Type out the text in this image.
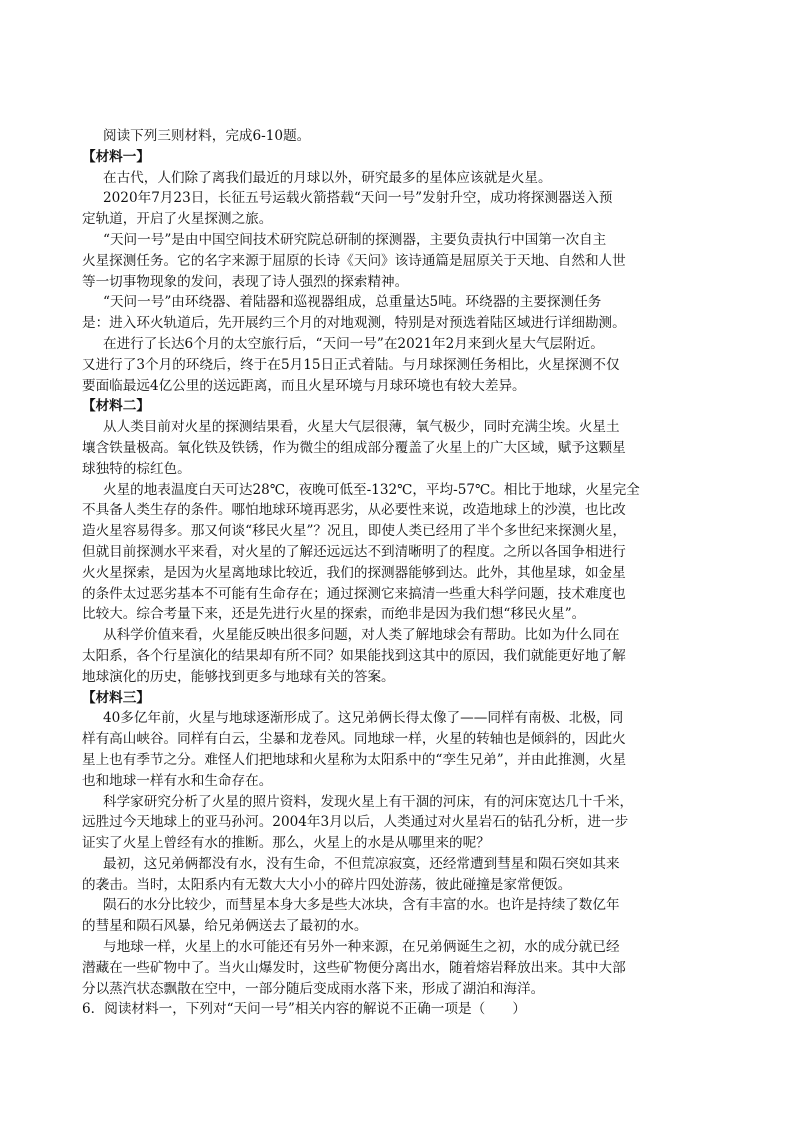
阅读下列三则材料，完成6-10题。
【材料一】
在古代，人们除了离我们最近的月球以外，研究最多的星体应该就是火星。
2020年7月23日，长征五号运载火箭搭载“天问一号”发射升空，成功将探测器送入预
定轨道，开启了火星探测之旅。
“天问一号”是由中国空间技术研究院总研制的探测器，主要负责执行中国第一次自主
火星探测任务。它的名字来源于屈原的长诗《天问》该诗通篇是屈原关于天地、自然和人世
等一切事物现象的发问，表现了诗人强烈的探索精神。
“天问一号”由环绕器、着陆器和巡视器组成，总重量达5吨。环绕器的主要探测任务
是：进入环火轨道后，先开展约三个月的对地观测，特别是对预选着陆区域进行详细勘测。
在进行了长达6个月的太空旅行后，“天问一号”在2021年2月来到火星大气层附近。
又进行了3个月的环绕后，终于在5月15日正式着陆。与月球探测任务相比，火星探测不仅
要面临最远4亿公里的送远距离，而且火星环境与月球环境也有较大差异。
【材料二】
从人类目前对火星的探测结果看，火星大气层很薄，氧气极少，同时充满尘埃。火星土
壤含铁量极高。氧化铁及铁锈，作为微尘的组成部分覆盖了火星上的广大区域，赋予这颗星
球独特的棕红色。
火星的地表温度白天可达28℃，夜晚可低至-132℃，平均-57℃。相比于地球，火星完全
不具备人类生存的条件。哪怕地球环境再恶劣，从必要性来说，改造地球上的沙漠，也比改
造火星容易得多。那又何谈“移民火星”？况且，即使人类已经用了半个多世纪来探测火星，
但就目前探测水平来看，对火星的了解还远远达不到清晰明了的程度。之所以各国争相进行
火火星探索，是因为火星离地球比较近，我们的探测器能够到达。此外，其他星球，如金星
的条件太过恶劣基本不可能有生命存在；通过探测它来搞清一些重大科学问题，技术难度也
比较大。综合考量下来，还是先进行火星的探索，而绝非是因为我们想“移民火星”。
从科学价值来看，火星能反映出很多问题，对人类了解地球会有帮助。比如为什么同在
太阳系，各个行星演化的结果却有所不同？如果能找到这其中的原因，我们就能更好地了解
地球演化的历史，能够找到更多与地球有关的答案。
【材料三】
40多亿年前，火星与地球逐渐形成了。这兄弟俩长得太像了——同样有南极、北极，同
样有高山峡谷。同样有白云，尘暴和龙卷风。同地球一样，火星的转轴也是倾斜的，因此火
星上也有季节之分。难怪人们把地球和火星称为太阳系中的“孪生兄弟”，并由此推测，火星
也和地球一样有水和生命存在。
科学家研究分析了火星的照片资料，发现火星上有干涸的河床，有的河床宽达几十千米，
远胜过今天地球上的亚马孙河。2004年3月以后，人类通过对火星岩石的钻孔分析，进一步
证实了火星上曾经有水的推断。那么，火星上的水是从哪里来的呢？
最初，这兄弟俩都没有水，没有生命，不但荒凉寂寞，还经常遭到彗星和陨石突如其来
的袭击。当时，太阳系内有无数大大小小的碎片四处游荡，彼此碰撞是家常便饭。
陨石的水分比较少，而彗星本身大多是些大冰块，含有丰富的水。也许是持续了数亿年
的彗星和陨石风暴，给兄弟俩送去了最初的水。
与地球一样，火星上的水可能还有另外一种来源，在兄弟俩诞生之初，水的成分就已经
潜藏在一些矿物中了。当火山爆发时，这些矿物便分离出水，随着熔岩释放出来。其中大部
分以蒸汽状态飘散在空中，一部分随后变成雨水落下来，形成了湖泊和海洋。
6．阅读材料一，下列对“天问一号”相关内容的解说不正确一项是（　　）
